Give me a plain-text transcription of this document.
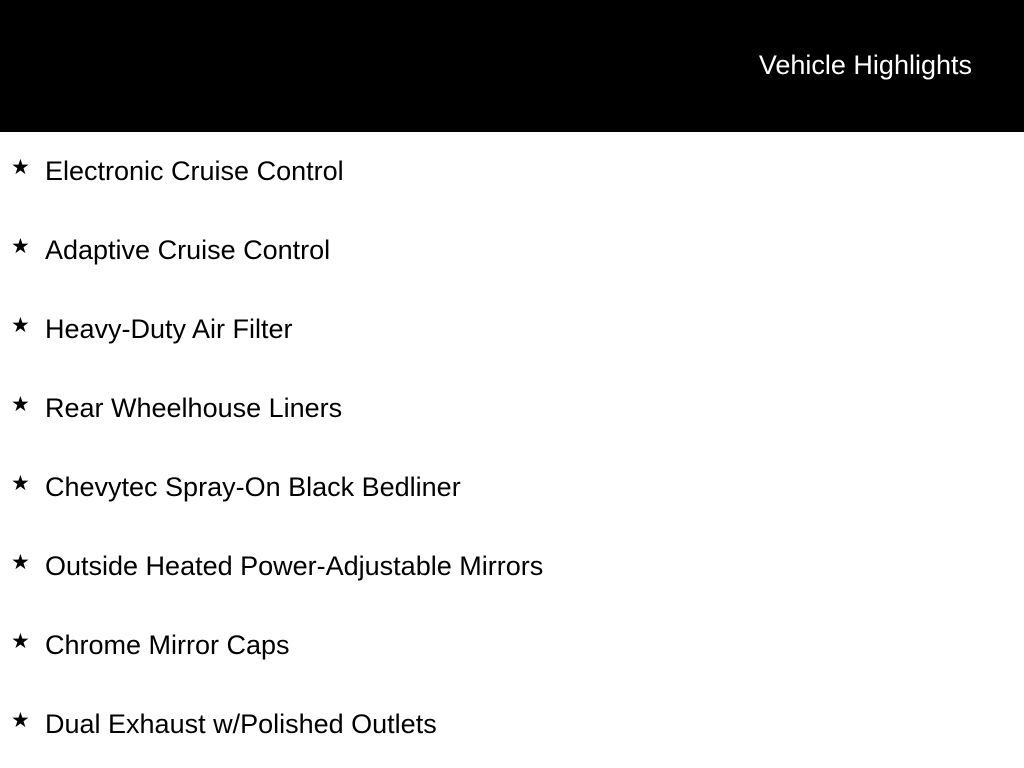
Vehicle Highlights
★ Electronic Cruise Control
★ Adaptive Cruise Control
★ Heavy-Duty Air Filter
★ Rear Wheelhouse Liners
★ Chevytec Spray-On Black Bedliner
★ Outside Heated Power-Adjustable Mirrors
★ Chrome Mirror Caps
★ Dual Exhaust w/Polished Outlets
